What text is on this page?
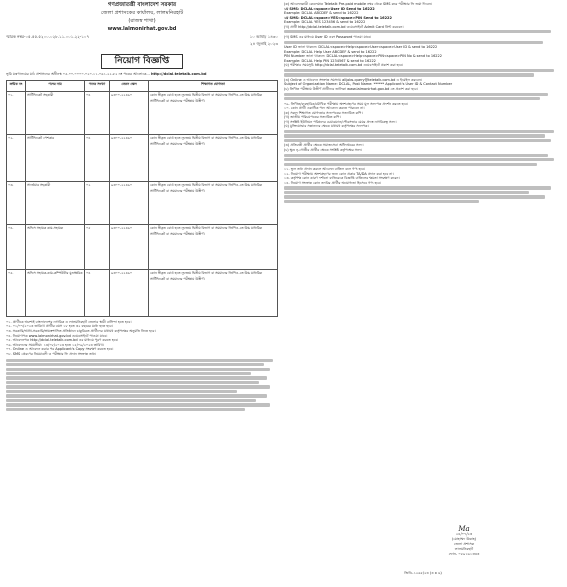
গণপ্রজাতন্ত্রী বাংলাদেশ সরকার
জেলা প্রশাসকের কার্যালয়, লালমনিরহাট
(রাজস্ব শাখা)
www.lalmonirhat.gov.bd
স্মারক নম্বর-০৫.৫৫.৫২০০.০২৮.১১.০০১.২২-১০৭	১০ আষাঢ় ১৪৩০
২৪ জুলাই ২০২৩
নিয়োগ বিজ্ঞপ্তি
ভূমি মন্ত্রণালয়ের মাঠ প্রশাসনের অধীনস্থ ০৫.০০.০০০০.০২০.১১.০৬১.২২.৮২ নং পত্রের আলোকে... http://dclal.teletalk.com.bd
ক্রমিক নং	পদের নাম	পদের সংখ্যা	বেতন স্কেল	শিক্ষাগত যোগ্যতা
০১.	সার্টিফিকেট সহকারী	০৪	৯৩০০-২২৪৯০	কোন স্বীকৃত বোর্ড হতে ন্যূনতম দ্বিতীয় বিভাগ বা সমমানের জিপিএ-তে উচ্চ মাধ্যমিক সার্টিফিকেট বা সমমানের পরীক্ষায় উত্তীর্ণ।
০২.	সার্টিফিকেট পেশকার	০৪	৯৩০০-২২৪৯০	কোন স্বীকৃত বোর্ড হতে ন্যূনতম দ্বিতীয় বিভাগ বা সমমানের জিপিএ-তে উচ্চ মাধ্যমিক সার্টিফিকেট বা সমমানের পরীক্ষায় উত্তীর্ণ।
০৩.	সার্ভেয়ার সহকারী	০২	৯৩০০-২২৪৯০	কোন স্বীকৃত বোর্ড হতে ন্যূনতম দ্বিতীয় বিভাগ বা সমমানের জিপিএ-তে উচ্চ মাধ্যমিক সার্টিফিকেট বা সমমানের পরীক্ষায় উত্তীর্ণ।
০৪.	অফিস সহায়ক কাম-সহায়ক	০৫	৯৩০০-২২৪৯০	কোন স্বীকৃত বোর্ড হতে ন্যূনতম দ্বিতীয় বিভাগ বা সমমানের জিপিএ-তে উচ্চ মাধ্যমিক সার্টিফিকেট বা সমমানের পরীক্ষায় উত্তীর্ণ।
০৫.	অফিস সহায়ক-কাম-কম্পিউটার মুদ্রাক্ষরিক	০৪	৯৩০০-২২৪৯০	কোন স্বীকৃত বোর্ড হতে ন্যূনতম দ্বিতীয় বিভাগ বা সমমানের জিপিএ-তে উচ্চ মাধ্যমিক সার্টিফিকেট বা সমমানের পরীক্ষায় উত্তীর্ণ।
০১. প্রার্থীকে অবশ্যই বাংলাদেশের নাগরিক ও লালমনিরহাট জেলার স্থায়ী বাসিন্দা হতে হবে।
০২. ০১/০৭/২০২৩ তারিখে প্রার্থীর বয়স ১৮ হতে ৩২ বছরের মধ্যে হতে হবে।
০৩. সরকারি/আধা-সরকারি/স্বায়ত্তশাসিত প্রতিষ্ঠানে চাকুরিরত প্রার্থীদের যথাযথ কর্তৃপক্ষের অনুমতি নিতে হবে।
০৪. নিয়োগপত্র www.lalmonirhat.gov.bd ওয়েবসাইটে পাওয়া যাবে।
০৫. আবেদনপত্র http://dclal.teletalk.com.bd এর মাধ্যমে পূরণ করতে হবে।
০৬. আবেদনের সময়সীমা: ১৩/০৮/২০২৩ হতে ১৫/০৯/২০২৩ তারিখ।
০৭. Online এ আবেদন করার পর Applicant's Copy সংরক্ষণ করতে হবে।
০৮. SMS প্রেরণের নিয়মাবলী ও পরীক্ষার ফি প্রদান সংক্রান্ত তথ্য।
(ক) আবেদনকারী কেবলমাত্র Teletalk Pre-paid mobile নম্বর থেকে SMS করে পরীক্ষার ফি জমা দিবেন।
১ম SMS: DCLAL<space>User ID Send to 16222
Example: DCLAL ABCDEF & send to 16222
২য় SMS: DCLAL<space>YES<space>PIN Send to 16222
Example: DCLAL YES 123456 & send to 16222
(খ) প্রার্থী http://dclal.teletalk.com.bd ওয়েবসাইটে Admit Card প্রিন্ট করবেন।
(গ) SMS এর মাধ্যমে User ID এবং Password পাওয়া যাবে।
User ID জানা থাকলে: DCLAL<space>Help<space>User<space>User ID & send to 16222
Example: DCLAL Help User ABCDEF & send to 16222
PIN Number জানা থাকলে: DCLAL<space>Help<space>PIN<space>PIN No & send to 16222
Example: DCLAL Help PIN 1234567 & send to 16222
(ঘ) পরীক্ষার সময়সূচি http://dclal.teletalk.com.bd ওয়েবসাইটে প্রকাশ করা হবে।
(ঙ) Online এ আবেদন সংক্রান্ত সমস্যায় alljobs.query@teletalk.com.bd এ ইমেইল করবেন।
Subject of Organization Name: DCLAL, Post Name: ****** Applicant's User ID & Contact Number
(চ) লিখিত পরীক্ষায় উত্তীর্ণ প্রার্থীদের তালিকা www.lalmonirhat.gov.bd তে প্রকাশ করা হবে।
০৯. লিখিত/ব্যবহারিক/মৌখিক পরীক্ষায় অংশগ্রহণের সময় মূল সনদপত্র প্রদর্শন করতে হবে।
১০. কোন প্রার্থী একাধিক পদে আবেদন করতে পারবেন না।
(ক) সকল শিক্ষাগত যোগ্যতার সনদপত্রের সত্যায়িত কপি।
(খ) জাতীয় পরিচয়পত্রের সত্যায়িত কপি।
(গ) সংশ্লিষ্ট ইউনিয়ন পরিষদের চেয়ারম্যান/পৌরসভার মেয়র প্রদত্ত নাগরিকত্ব সনদ।
(ঘ) মুক্তিযোদ্ধার সন্তানদের ক্ষেত্রে যথাযথ কর্তৃপক্ষের সনদপত্র।
(ঙ) প্রতিবন্ধী প্রার্থীর ক্ষেত্রে সমাজসেবা অধিদপ্তরের সনদ।
(চ) ক্ষুদ্র নৃ-গোষ্ঠীর প্রার্থীর ক্ষেত্রে সংশ্লিষ্ট কর্তৃপক্ষের সনদ।
১১. ভুল তথ্য প্রদান করলে আবেদন বাতিল বলে গণ্য হবে।
১২. নিয়োগ পরীক্ষায় অংশগ্রহণের জন্য কোন প্রকার TA/DA প্রদান করা হবে না।
১৩. কর্তৃপক্ষ কোন কারণ দর্শানো ব্যতিরেকে বিজ্ঞপ্তি বাতিলের ক্ষমতা সংরক্ষণ করেন।
১৪. নিয়োগ সংক্রান্ত কোন তদবির প্রার্থীর অযোগ্যতা হিসেবে গণ্য হবে।
Ma
২৪/০৭/২৩
(মোহাম্মদ উল্লাহ)
জেলা প্রশাসক
লালমনিরহাট
ফোন- ০৫৯১৬১৩৩৩
জিডি-১২৬৫/২৩ (৩ x ৬)
